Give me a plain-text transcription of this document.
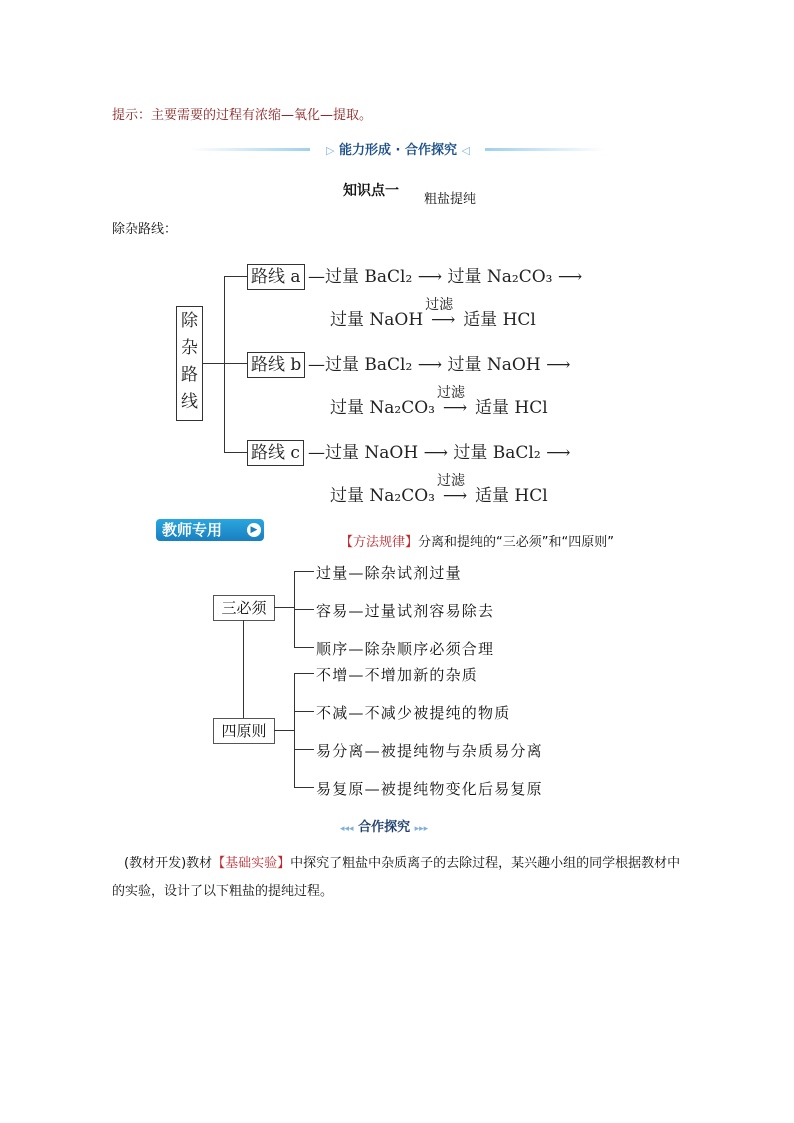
提示：主要需要的过程有浓缩—氧化—提取。
▷ 能力形成 · 合作探究 ◁
知识点一
粗盐提纯
除杂路线：
除
杂
路
线
路线 a —过量 BaCl₂ ⟶ 过量 Na₂CO₃ ⟶
过量 NaOH
过滤
⟶ 适量 HCl
路线 b —过量 BaCl₂ ⟶ 过量 NaOH ⟶
过量 Na₂CO₃
过滤
⟶ 适量 HCl
路线 c —过量 NaOH ⟶ 过量 BaCl₂ ⟶
过量 Na₂CO₃
过滤
⟶ 适量 HCl
教师专用	▶
【方法规律】分离和提纯的“三必须”和“四原则”
三必须
四原则
过量—除杂试剂过量
容易—过量试剂容易除去
顺序—除杂顺序必须合理
不增—不增加新的杂质
不减—不减少被提纯的物质
易分离—被提纯物与杂质易分离
易复原—被提纯物变化后易复原
◂◂◂ 合作探究 ▸▸▸
(教材开发)教材【基础实验】中探究了粗盐中杂质离子的去除过程，某兴趣小组的同学根据教材中的实验，设计了以下粗盐的提纯过程。
